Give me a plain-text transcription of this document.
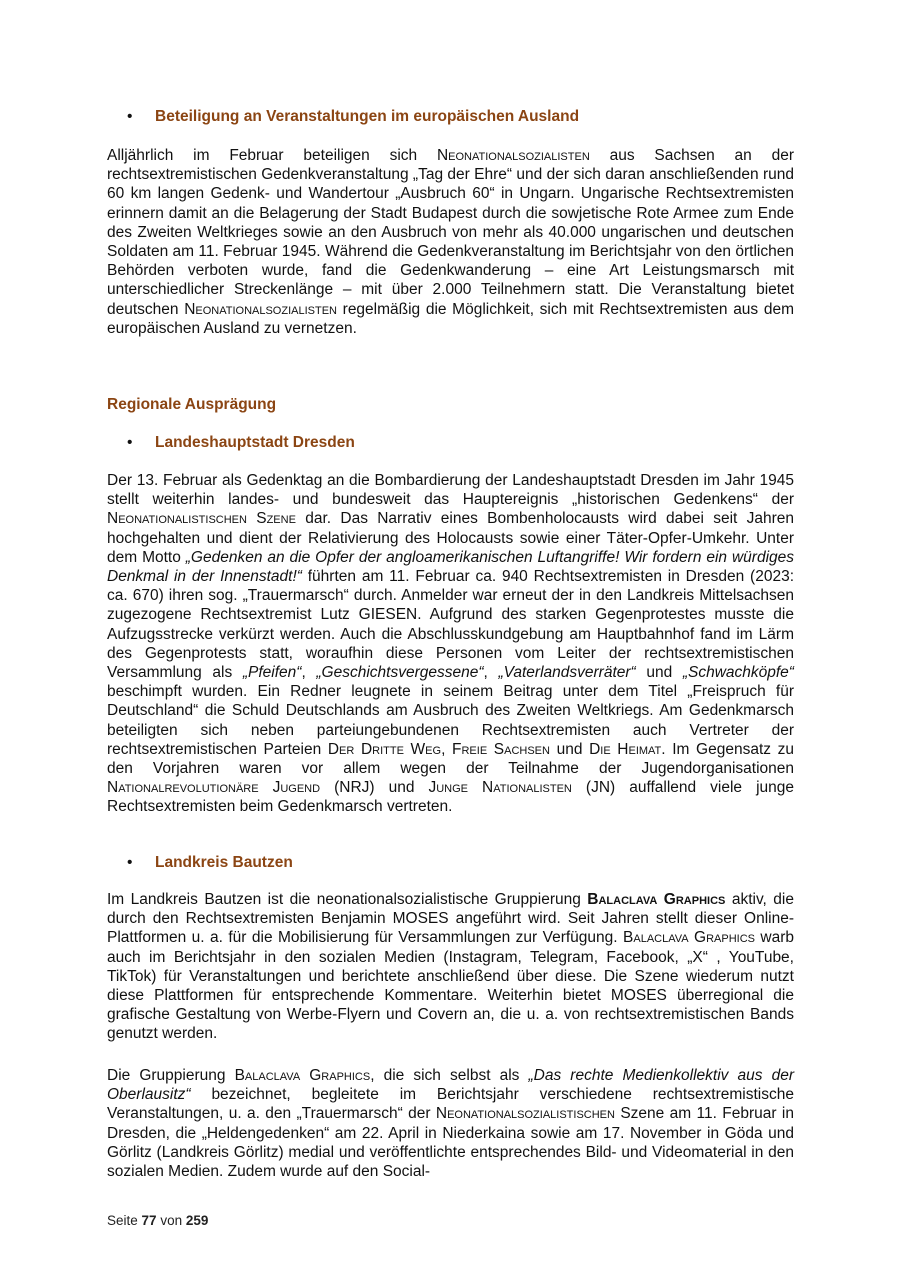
• Beteiligung an Veranstaltungen im europäischen Ausland

Alljährlich im Februar beteiligen sich Neonationalsozialisten aus Sachsen an der rechtsextremistischen Gedenkveranstaltung „Tag der Ehre“ und der sich daran anschließenden rund 60 km langen Gedenk- und Wandertour „Ausbruch 60“ in Ungarn. Ungarische Rechtsextremisten erinnern damit an die Belagerung der Stadt Budapest durch die sowjetische Rote Armee zum Ende des Zweiten Weltkrieges sowie an den Ausbruch von mehr als 40.000 ungarischen und deutschen Soldaten am 11. Februar 1945. Während die Gedenkveranstaltung im Berichtsjahr von den örtlichen Behörden verboten wurde, fand die Gedenkwanderung – eine Art Leistungsmarsch mit unterschiedlicher Streckenlänge – mit über 2.000 Teilnehmern statt. Die Veranstaltung bietet deutschen Neonationalsozialisten regelmäßig die Möglichkeit, sich mit Rechtsextremisten aus dem europäischen Ausland zu vernetzen.

Regionale Ausprägung
• Landeshauptstadt Dresden

Der 13. Februar als Gedenktag an die Bombardierung der Landeshauptstadt Dresden im Jahr 1945 stellt weiterhin landes- und bundesweit das Hauptereignis „historischen Gedenkens“ der Neonationalistischen Szene dar. Das Narrativ eines Bombenholocausts wird dabei seit Jahren hochgehalten und dient der Relativierung des Holocausts sowie einer Täter-Opfer-Umkehr. Unter dem Motto „Gedenken an die Opfer der angloamerikanischen Luftangriffe! Wir fordern ein würdiges Denkmal in der Innenstadt!“ führten am 11. Februar ca. 940 Rechtsextremisten in Dresden (2023: ca. 670) ihren sog. „Trauermarsch“ durch. Anmelder war erneut der in den Landkreis Mittelsachsen zugezogene Rechtsextremist Lutz GIESEN. Aufgrund des starken Gegenprotestes musste die Aufzugsstrecke verkürzt werden. Auch die Abschlusskundgebung am Hauptbahnhof fand im Lärm des Gegenprotests statt, woraufhin diese Personen vom Leiter der rechtsextremistischen Versammlung als „Pfeifen“, „Geschichtsvergessene“, „Vaterlandsverräter“ und „Schwachköpfe“ beschimpft wurden. Ein Redner leugnete in seinem Beitrag unter dem Titel „Freispruch für Deutschland“ die Schuld Deutschlands am Ausbruch des Zweiten Weltkriegs. Am Gedenkmarsch beteiligten sich neben parteiungebundenen Rechtsextremisten auch Vertreter der rechtsextremistischen Parteien Der Dritte Weg, Freie Sachsen und Die Heimat. Im Gegensatz zu den Vorjahren waren vor allem wegen der Teilnahme der Jugendorganisationen Nationalrevolutionäre Jugend (NRJ) und Junge Nationalisten (JN) auffallend viele junge Rechtsextremisten beim Gedenkmarsch vertreten.

• Landkreis Bautzen

Im Landkreis Bautzen ist die neonationalsozialistische Gruppierung Balaclava Graphics aktiv, die durch den Rechtsextremisten Benjamin MOSES angeführt wird. Seit Jahren stellt dieser Online-Plattformen u. a. für die Mobilisierung für Versammlungen zur Verfügung. Balaclava Graphics warb auch im Berichtsjahr in den sozialen Medien (Instagram, Telegram, Facebook, „X“ , YouTube, TikTok) für Veranstaltungen und berichtete anschließend über diese. Die Szene wiederum nutzt diese Plattformen für entsprechende Kommentare. Weiterhin bietet MOSES überregional die grafische Gestaltung von Werbe-Flyern und Covern an, die u. a. von rechtsextremistischen Bands genutzt werden.

Die Gruppierung Balaclava Graphics, die sich selbst als „Das rechte Medienkollektiv aus der Oberlausitz“ bezeichnet, begleitete im Berichtsjahr verschiedene rechtsextremistische Veranstaltungen, u. a. den „Trauermarsch“ der Neonationalsozialistischen Szene am 11. Februar in Dresden, die „Heldengedenken“ am 22. April in Niederkaina sowie am 17. November in Göda und Görlitz (Landkreis Görlitz) medial und veröffentlichte entsprechendes Bild- und Videomaterial in den sozialen Medien. Zudem wurde auf den Social-

Seite 77 von 259
